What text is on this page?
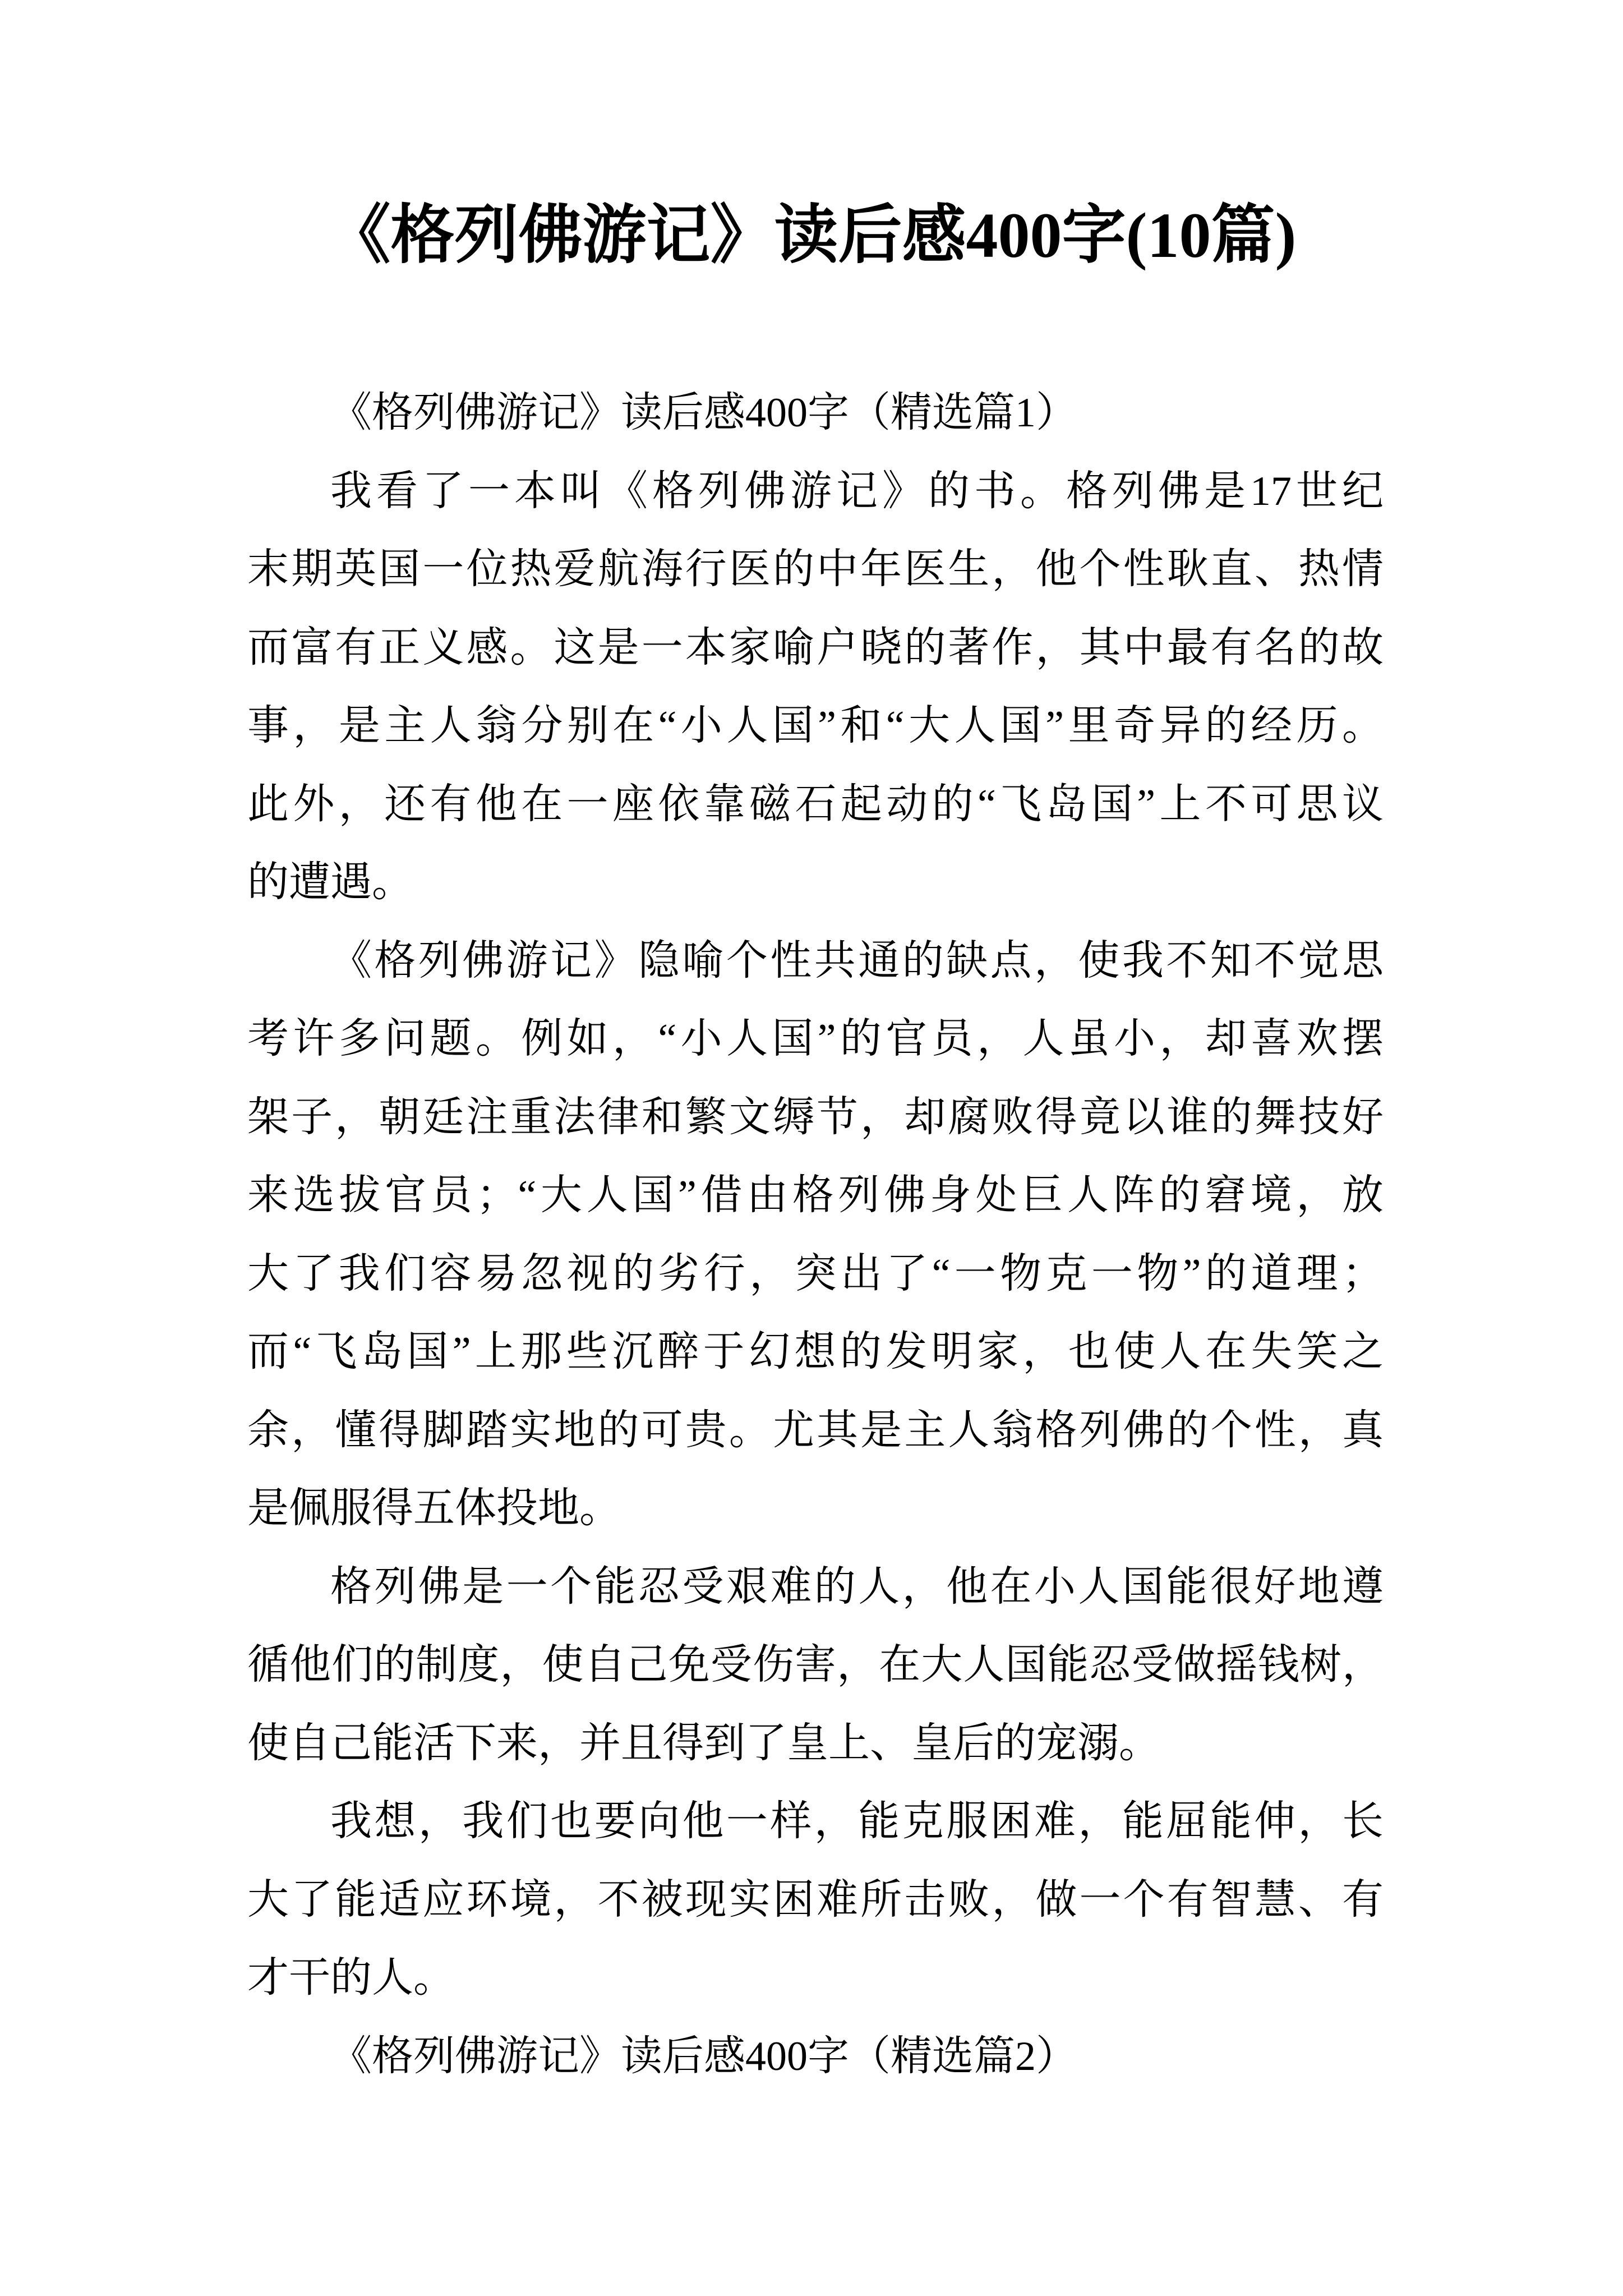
《格列佛游记》读后感400字(10篇)
《格列佛游记》读后感400字（精选篇1）
我看了一本叫《格列佛游记》的书。格列佛是17世纪
末期英国一位热爱航海行医的中年医生，他个性耿直、热情
而富有正义感。这是一本家喻户晓的著作，其中最有名的故
事，是主人翁分别在“小人国”和“大人国”里奇异的经历。
此外，还有他在一座依靠磁石起动的“飞岛国”上不可思议
的遭遇。
《格列佛游记》隐喻个性共通的缺点，使我不知不觉思
考许多问题。例如，“小人国”的官员，人虽小，却喜欢摆
架子，朝廷注重法律和繁文缛节，却腐败得竟以谁的舞技好
来选拔官员；“大人国”借由格列佛身处巨人阵的窘境，放
大了我们容易忽视的劣行，突出了“一物克一物”的道理；
而“飞岛国”上那些沉醉于幻想的发明家，也使人在失笑之
余，懂得脚踏实地的可贵。尤其是主人翁格列佛的个性，真
是佩服得五体投地。
格列佛是一个能忍受艰难的人，他在小人国能很好地遵
循他们的制度，使自己免受伤害，在大人国能忍受做摇钱树，
使自己能活下来，并且得到了皇上、皇后的宠溺。
我想，我们也要向他一样，能克服困难，能屈能伸，长
大了能适应环境，不被现实困难所击败，做一个有智慧、有
才干的人。
《格列佛游记》读后感400字（精选篇2）
